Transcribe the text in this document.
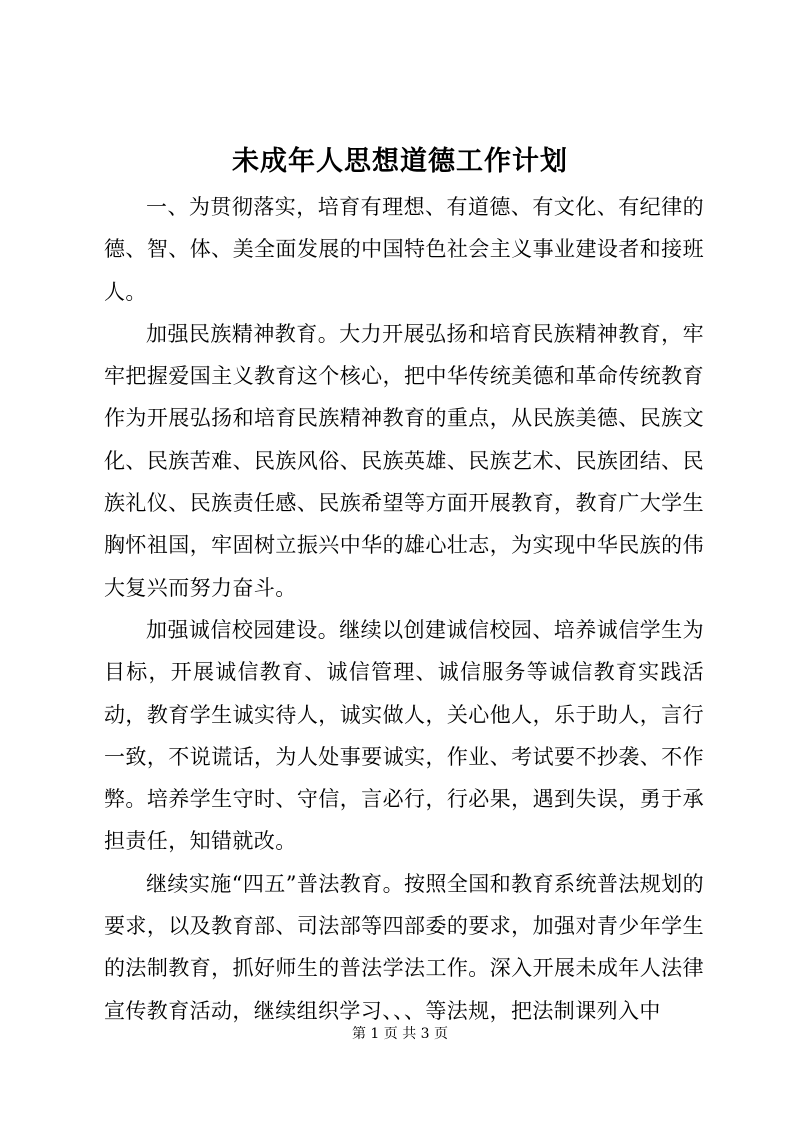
未成年人思想道德工作计划

一、为贯彻落实，培育有理想、有道德、有文化、有纪律的德、智、体、美全面发展的中国特色社会主义事业建设者和接班人。

加强民族精神教育。大力开展弘扬和培育民族精神教育，牢牢把握爱国主义教育这个核心，把中华传统美德和革命传统教育作为开展弘扬和培育民族精神教育的重点，从民族美德、民族文化、民族苦难、民族风俗、民族英雄、民族艺术、民族团结、民族礼仪、民族责任感、民族希望等方面开展教育，教育广大学生胸怀祖国，牢固树立振兴中华的雄心壮志，为实现中华民族的伟大复兴而努力奋斗。

加强诚信校园建设。继续以创建诚信校园、培养诚信学生为目标，开展诚信教育、诚信管理、诚信服务等诚信教育实践活动，教育学生诚实待人，诚实做人，关心他人，乐于助人，言行一致，不说谎话，为人处事要诚实，作业、考试要不抄袭、不作弊。培养学生守时、守信，言必行，行必果，遇到失误，勇于承担责任，知错就改。

继续实施“四五”普法教育。按照全国和教育系统普法规划的要求，以及教育部、司法部等四部委的要求，加强对青少年学生的法制教育，抓好师生的普法学法工作。深入开展未成年人法律宣传教育活动，继续组织学习、、、等法规，把法制课列入中

第 1 页 共 3 页
